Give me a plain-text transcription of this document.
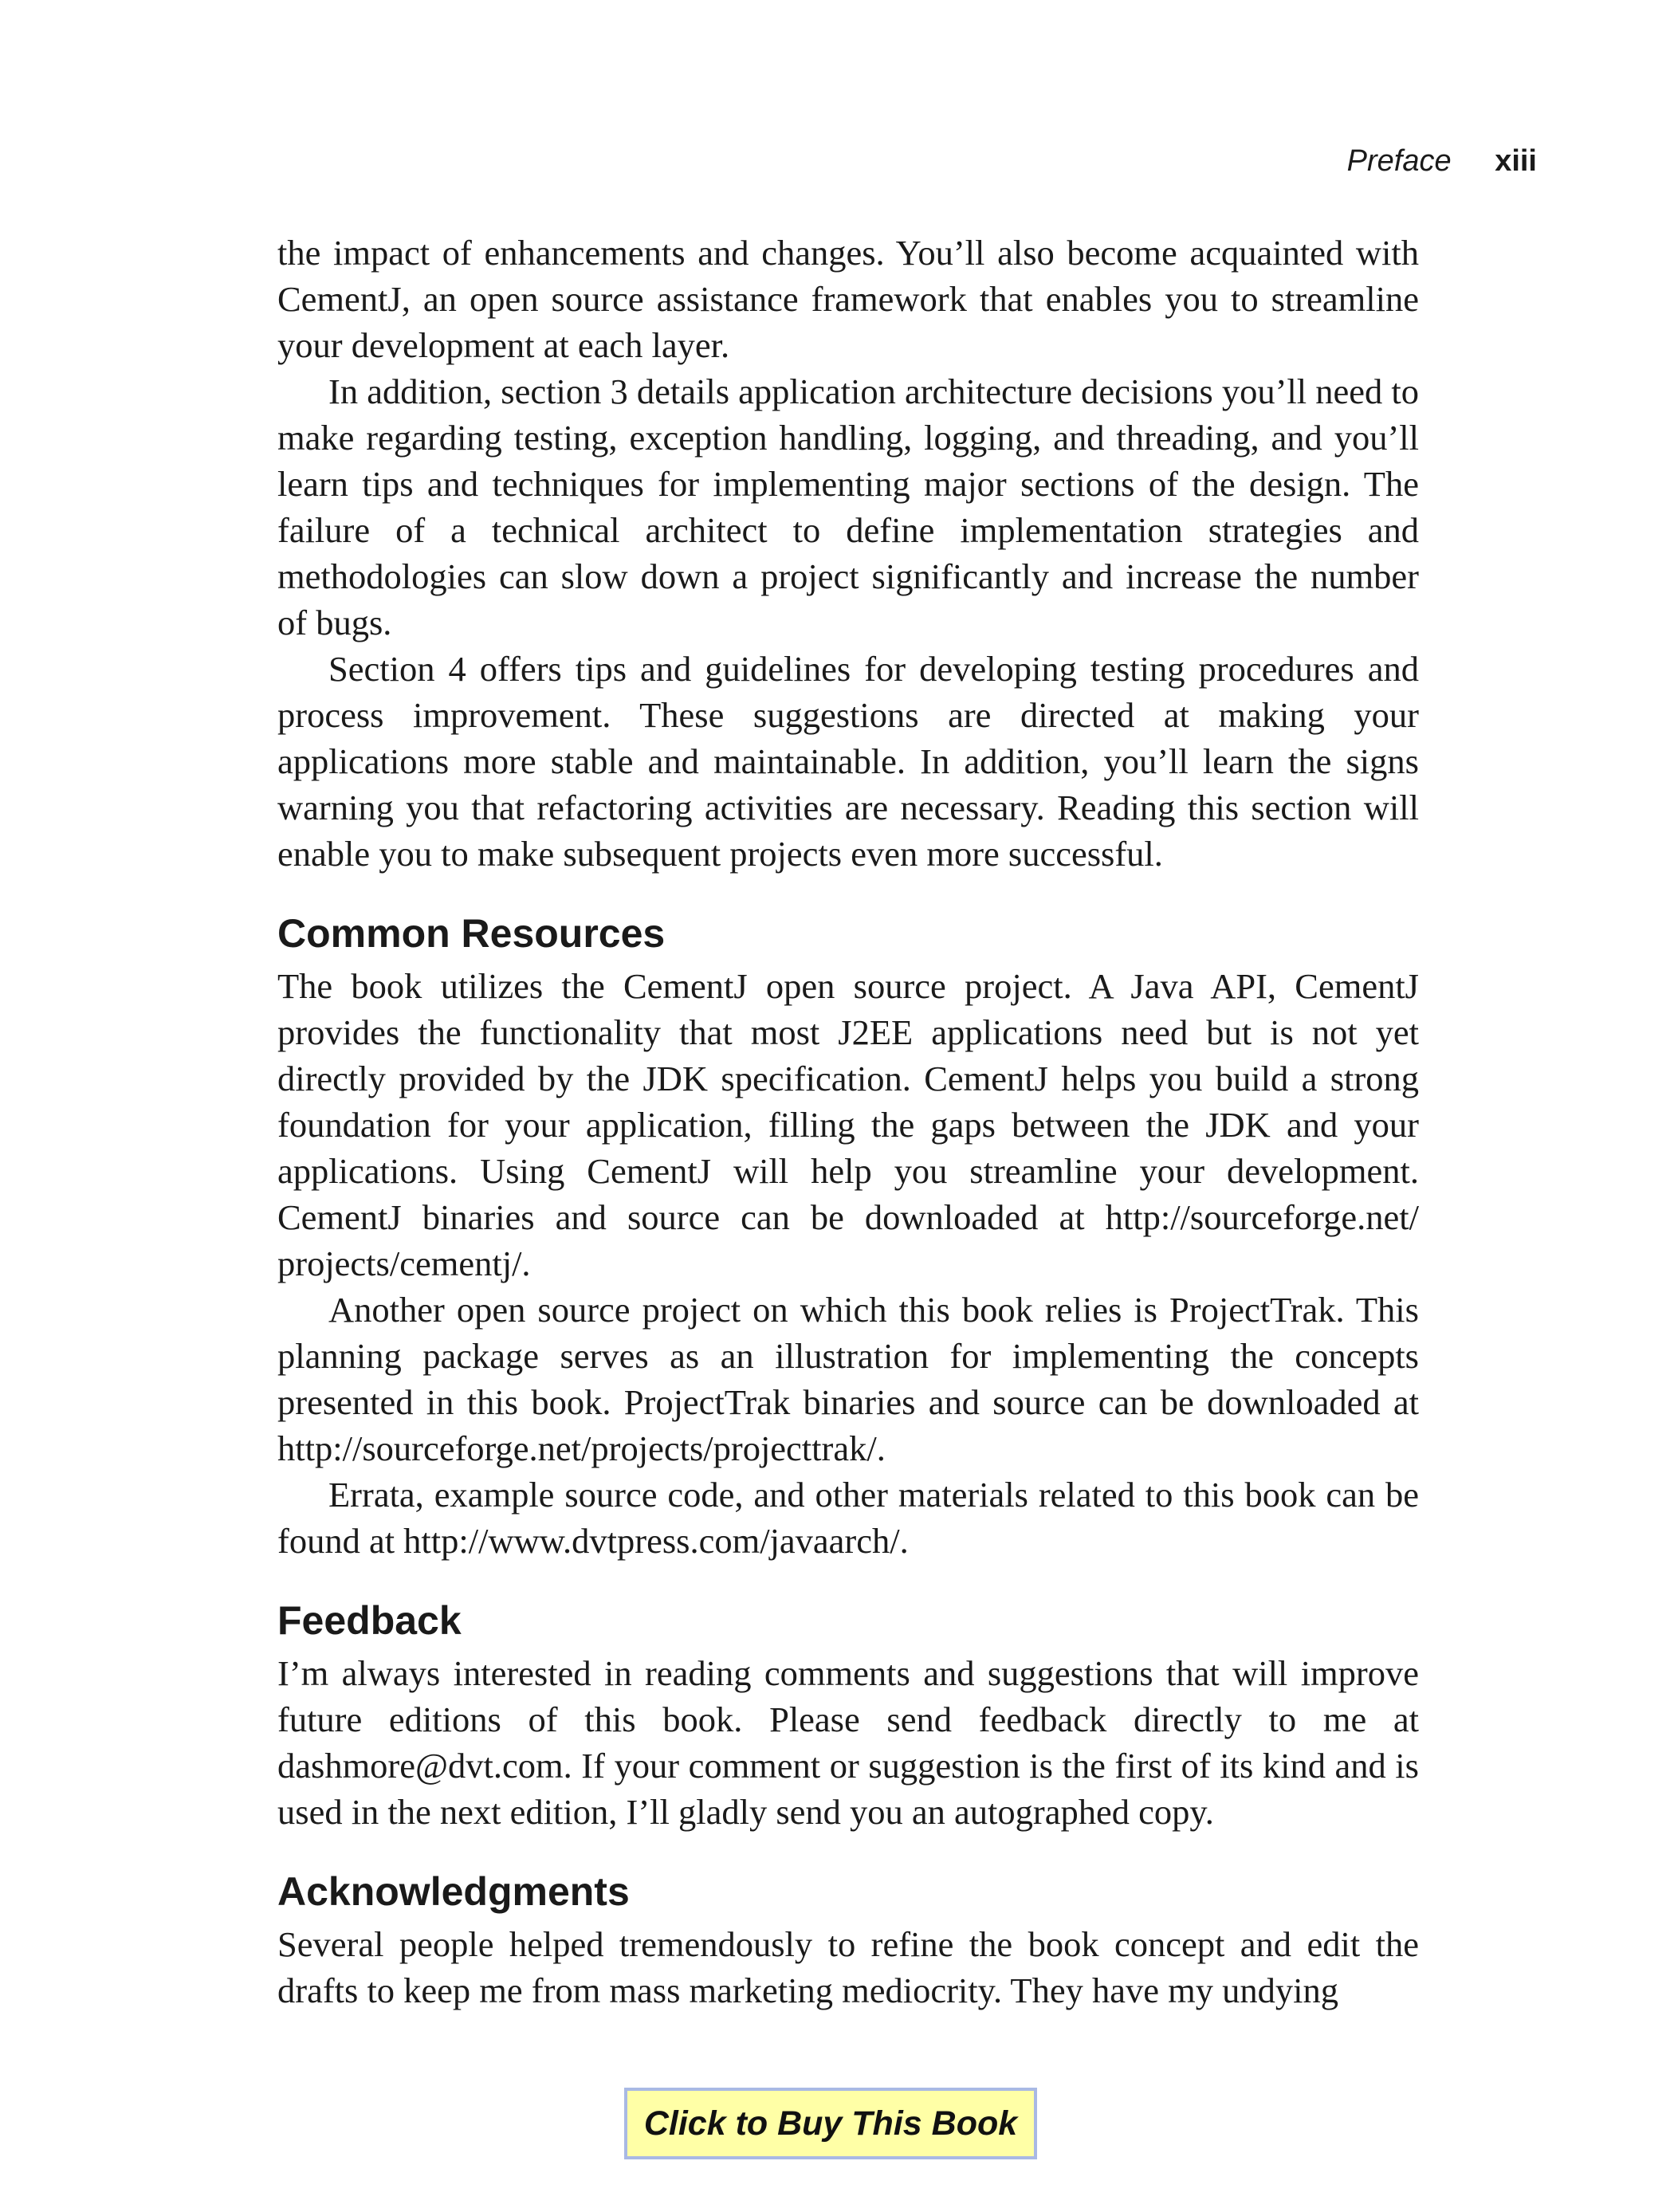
Preface xiii

the impact of enhancements and changes. You’ll also become acquainted with CementJ, an open source assistance framework that enables you to streamline your development at each layer.

In addition, section 3 details application architecture decisions you’ll need to make regarding testing, exception handling, logging, and threading, and you’ll learn tips and techniques for implementing major sections of the design. The failure of a technical architect to define implementation strategies and methodologies can slow down a project significantly and increase the number of bugs.

Section 4 offers tips and guidelines for developing testing procedures and process improvement. These suggestions are directed at making your applications more stable and maintainable. In addition, you’ll learn the signs warning you that refactoring activities are necessary. Reading this section will enable you to make subsequent projects even more successful.

Common Resources

The book utilizes the CementJ open source project. A Java API, CementJ provides the functionality that most J2EE applications need but is not yet directly provided by the JDK specification. CementJ helps you build a strong foundation for your application, filling the gaps between the JDK and your applications. Using CementJ will help you streamline your development. CementJ binaries and source can be downloaded at http://sourceforge.net/​projects/cementj/.

Another open source project on which this book relies is ProjectTrak. This planning package serves as an illustration for implementing the concepts presented in this book. ProjectTrak binaries and source can be downloaded at http://sourceforge.net/projects/projecttrak/.

Errata, example source code, and other materials related to this book can be found at http://www.dvtpress.com/javaarch/.

Feedback

I’m always interested in reading comments and suggestions that will improve future editions of this book. Please send feedback directly to me at dashmore@dvt.com. If your comment or suggestion is the first of its kind and is used in the next edition, I’ll gladly send you an autographed copy.

Acknowledgments

Several people helped tremendously to refine the book concept and edit the drafts to keep me from mass marketing mediocrity. They have my undying

Click to Buy This Book
